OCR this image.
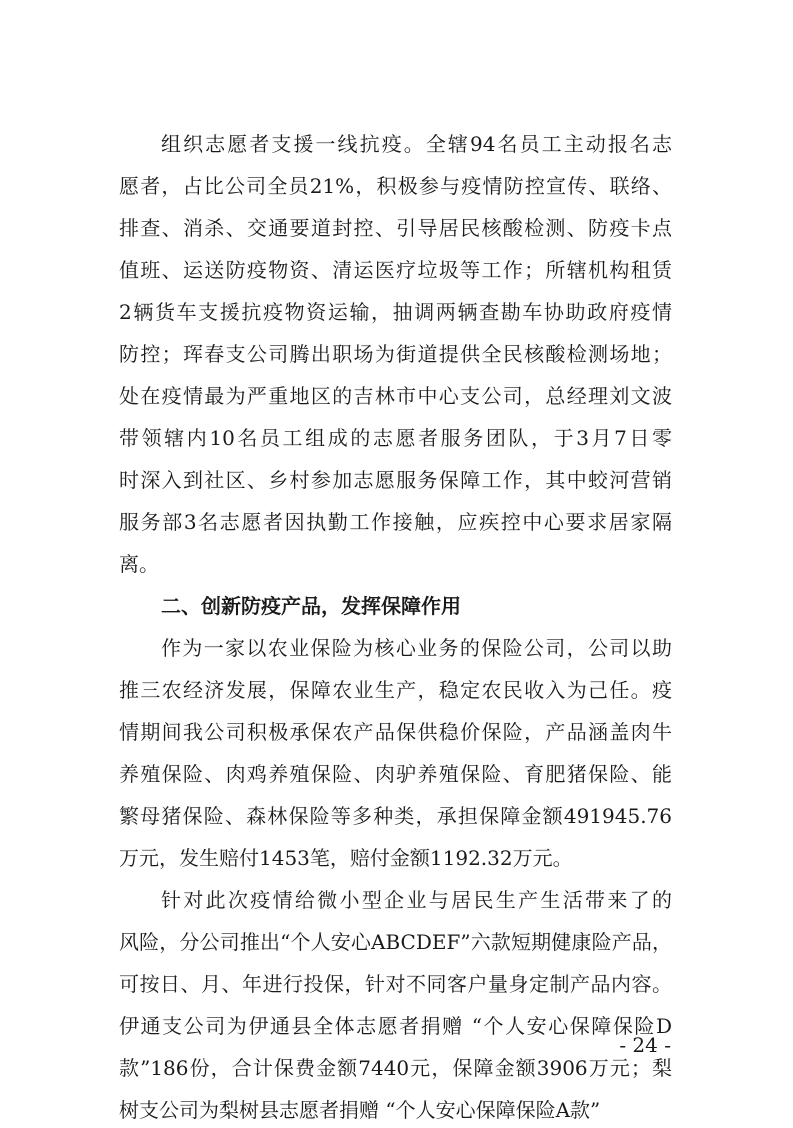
组织志愿者支援一线抗疫。全辖94名员工主动报名志
愿者，占比公司全员21%，积极参与疫情防控宣传、联络、
排查、消杀、交通要道封控、引导居民核酸检测、防疫卡点
值班、运送防疫物资、清运医疗垃圾等工作；所辖机构租赁
2辆货车支援抗疫物资运输，抽调两辆查勘车协助政府疫情
防控；珲春支公司腾出职场为街道提供全民核酸检测场地；
处在疫情最为严重地区的吉林市中心支公司，总经理刘文波
带领辖内10名员工组成的志愿者服务团队，于3月7日零
时深入到社区、乡村参加志愿服务保障工作，其中蛟河营销
服务部3名志愿者因执勤工作接触，应疾控中心要求居家隔
离。
二、创新防疫产品，发挥保障作用
作为一家以农业保险为核心业务的保险公司，公司以助
推三农经济发展，保障农业生产，稳定农民收入为己任。疫
情期间我公司积极承保农产品保供稳价保险，产品涵盖肉牛
养殖保险、肉鸡养殖保险、肉驴养殖保险、育肥猪保险、能
繁母猪保险、森林保险等多种类，承担保障金额491945.76
万元，发生赔付1453笔，赔付金额1192.32万元。
针对此次疫情给微小型企业与居民生产生活带来了的
风险，分公司推出“个人安心ABCDEF”六款短期健康险产品，
可按日、月、年进行投保，针对不同客户量身定制产品内容。
伊通支公司为伊通县全体志愿者捐赠 “个人安心保障保险D
款”186份，合计保费金额7440元，保障金额3906万元；梨
树支公司为梨树县志愿者捐赠 “个人安心保障保险A款”
- 24 -
